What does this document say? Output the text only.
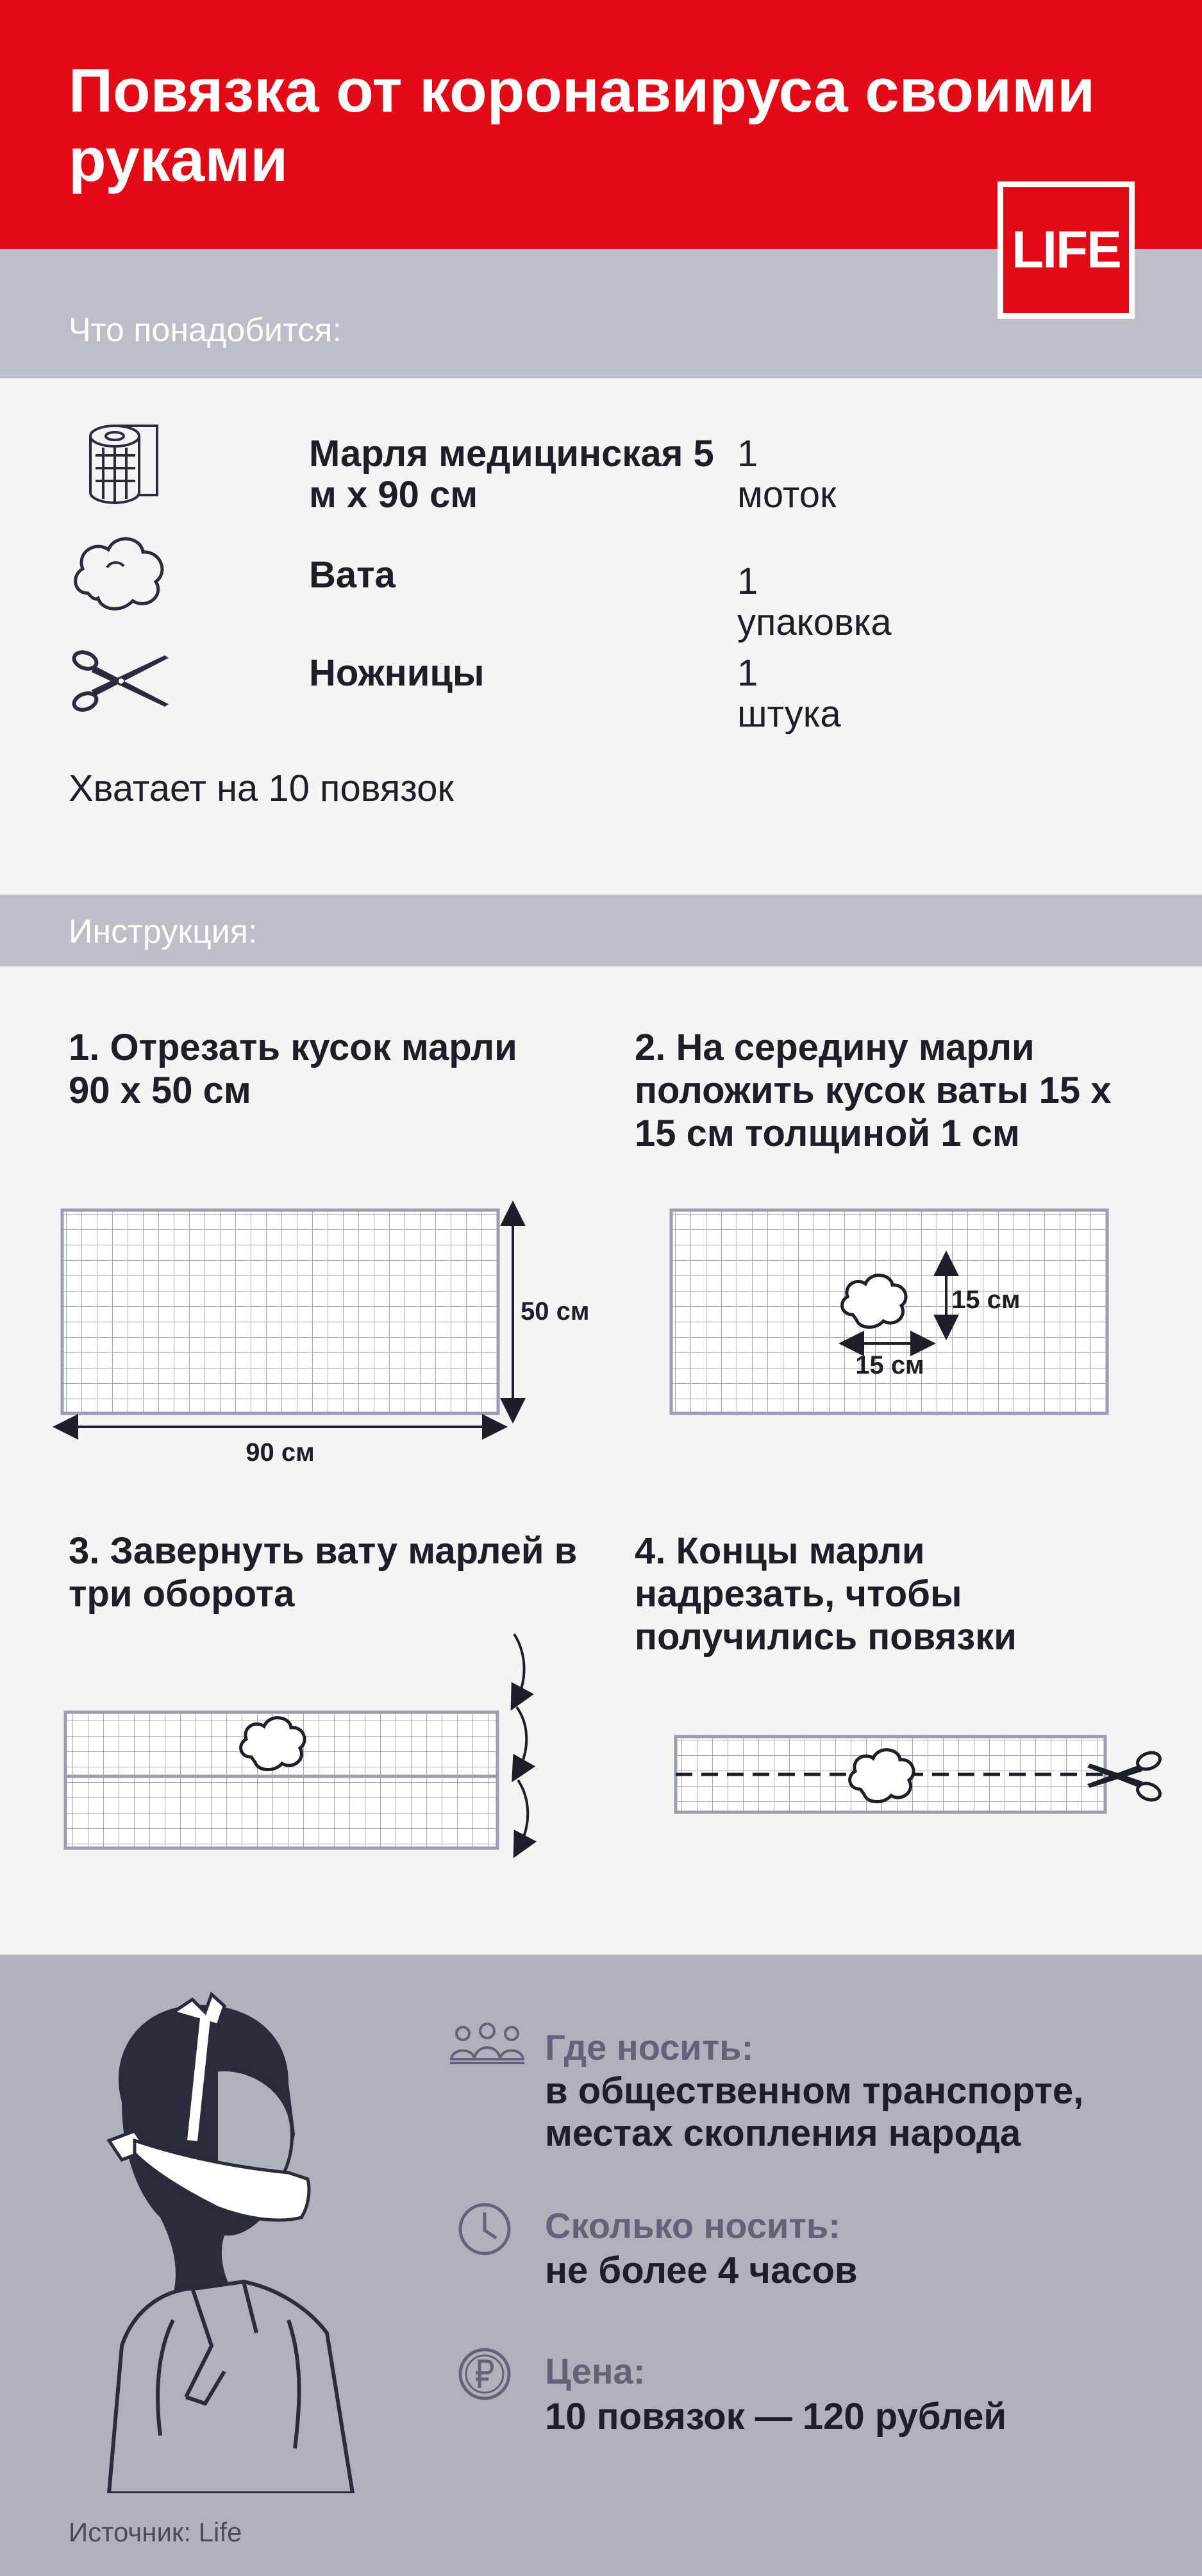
Повязка от коронавируса своими руками
LIFE
Что понадобится:
Марля медицинская 5 м х 90 см
1 моток
Вата	1 упаковка
Ножницы	1 штука
Хватает на 10 повязок
Инструкция:
1. Отрезать кусок марли 90 х 50 см
2. На середину марли положить кусок ваты 15 х 15 см толщиной 1 см
3. Завернуть вату марлей в три оборота
4. Концы марли надрезать, чтобы получились повязки
50 см
90 см
15 см
15 см
Где носить:
в общественном транспорте, местах скопления народа
Сколько носить:
не более 4 часов
Цена:
10 повязок — 120 рублей
Источник: Life
